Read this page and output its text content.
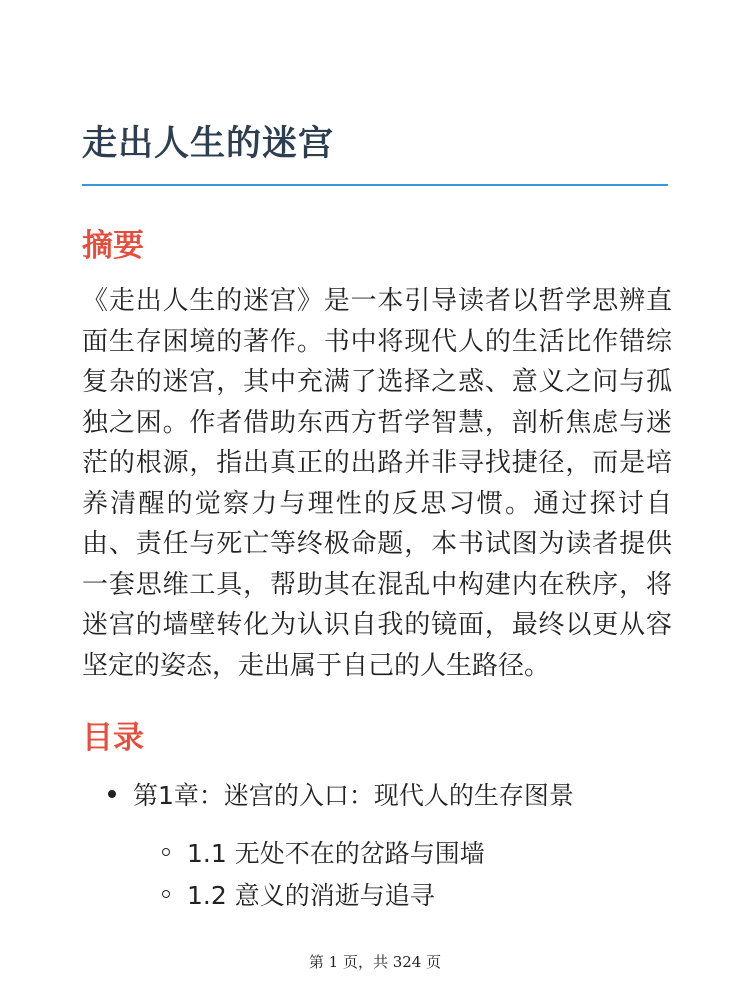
走出人生的迷宫
摘要

《走出人生的迷宫》是一本引导读者以哲学思辨直面生存困境的著作。书中将现代人的生活比作错综复杂的迷宫，其中充满了选择之惑、意义之问与孤独之困。作者借助东西方哲学智慧，剖析焦虑与迷茫的根源，指出真正的出路并非寻找捷径，而是培养清醒的觉察力与理性的反思习惯。通过探讨自由、责任与死亡等终极命题，本书试图为读者提供一套思维工具，帮助其在混乱中构建内在秩序，将迷宫的墙壁转化为认识自我的镜面，最终以更从容坚定的姿态，走出属于自己的人生路径。

目录
第1章：迷宫的入口：现代人的生存图景
1.1 无处不在的岔路与围墙
1.2 意义的消逝与追寻
第 1 页，共 324 页
